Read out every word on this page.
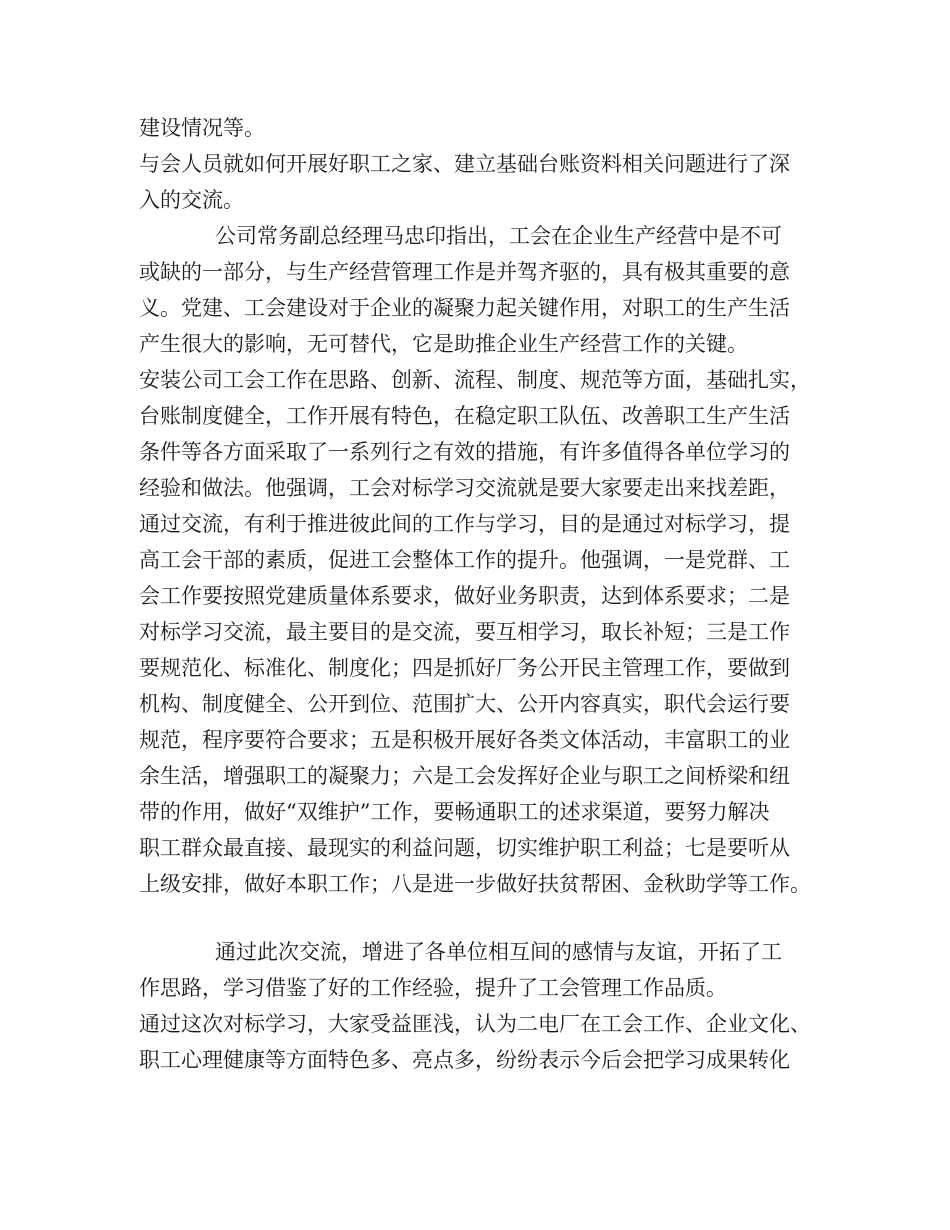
建设情况等。
与会人员就如何开展好职工之家、建立基础台账资料相关问题进行了深
入的交流。
公司常务副总经理马忠印指出，工会在企业生产经营中是不可
或缺的一部分，与生产经营管理工作是并驾齐驱的，具有极其重要的意
义。党建、工会建设对于企业的凝聚力起关键作用，对职工的生产生活
产生很大的影响，无可替代，它是助推企业生产经营工作的关键。
安装公司工会工作在思路、创新、流程、制度、规范等方面，基础扎实，
台账制度健全，工作开展有特色，在稳定职工队伍、改善职工生产生活
条件等各方面采取了一系列行之有效的措施，有许多值得各单位学习的
经验和做法。他强调，工会对标学习交流就是要大家要走出来找差距，
通过交流，有利于推进彼此间的工作与学习，目的是通过对标学习，提
高工会干部的素质，促进工会整体工作的提升。他强调，一是党群、工
会工作要按照党建质量体系要求，做好业务职责，达到体系要求；二是
对标学习交流，最主要目的是交流，要互相学习，取长补短；三是工作
要规范化、标准化、制度化；四是抓好厂务公开民主管理工作，要做到
机构、制度健全、公开到位、范围扩大、公开内容真实，职代会运行要
规范，程序要符合要求；五是积极开展好各类文体活动，丰富职工的业
余生活，增强职工的凝聚力；六是工会发挥好企业与职工之间桥梁和纽
带的作用，做好“双维护”工作，要畅通职工的述求渠道，要努力解决
职工群众最直接、最现实的利益问题，切实维护职工利益；七是要听从
上级安排，做好本职工作；八是进一步做好扶贫帮困、金秋助学等工作。
通过此次交流，增进了各单位相互间的感情与友谊，开拓了工
作思路，学习借鉴了好的工作经验，提升了工会管理工作品质。
通过这次对标学习，大家受益匪浅，认为二电厂在工会工作、企业文化、
职工心理健康等方面特色多、亮点多，纷纷表示今后会把学习成果转化
